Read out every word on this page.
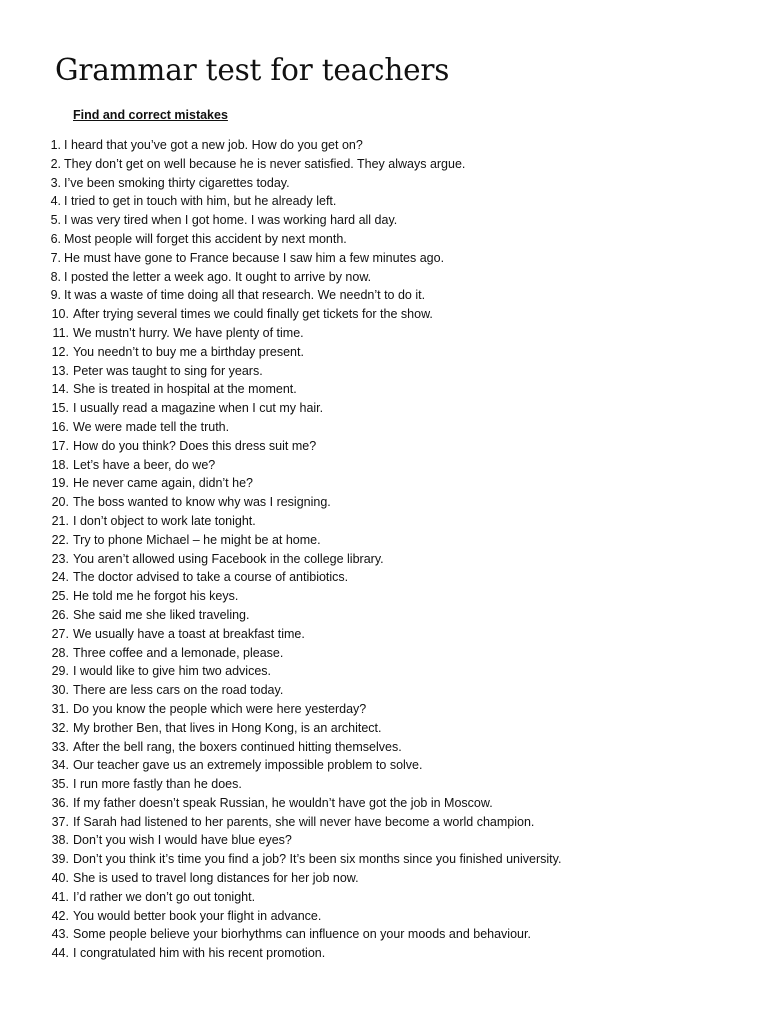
Grammar test for teachers

Find and correct mistakes

1. I heard that you’ve got a new job. How do you get on?
2. They don’t get on well because he is never satisfied. They always argue.
3. I’ve been smoking thirty cigarettes today.
4. I tried to get in touch with him, but he already left.
5. I was very tired when I got home. I was working hard all day.
6. Most people will forget this accident by next month.
7. He must have gone to France because I saw him a few minutes ago.
8. I posted the letter a week ago. It ought to arrive by now.
9. It was a waste of time doing all that research. We needn’t to do it.
10. After trying several times we could finally get tickets for the show.
11. We mustn’t hurry. We have plenty of time.
12. You needn’t to buy me a birthday present.
13. Peter was taught to sing for years.
14. She is treated in hospital at the moment.
15. I usually read a magazine when I cut my hair.
16. We were made tell the truth.
17. How do you think? Does this dress suit me?
18. Let’s have a beer, do we?
19. He never came again, didn’t he?
20. The boss wanted to know why was I resigning.
21. I don’t object to work late tonight.
22. Try to phone Michael – he might be at home.
23. You aren’t allowed using Facebook in the college library.
24. The doctor advised to take a course of antibiotics.
25. He told me he forgot his keys.
26. She said me she liked traveling.
27. We usually have a toast at breakfast time.
28. Three coffee and a lemonade, please.
29. I would like to give him two advices.
30. There are less cars on the road today.
31. Do you know the people which were here yesterday?
32. My brother Ben, that lives in Hong Kong, is an architect.
33. After the bell rang, the boxers continued hitting themselves.
34. Our teacher gave us an extremely impossible problem to solve.
35. I run more fastly than he does.
36. If my father doesn’t speak Russian, he wouldn’t have got the job in Moscow.
37. If Sarah had listened to her parents, she will never have become a world champion.
38. Don’t you wish I would have blue eyes?
39. Don’t you think it’s time you find a job? It’s been six months since you finished university.
40. She is used to travel long distances for her job now.
41. I’d rather we don’t go out tonight.
42. You would better book your flight in advance.
43. Some people believe your biorhythms can influence on your moods and behaviour.
44. I congratulated him with his recent promotion.
